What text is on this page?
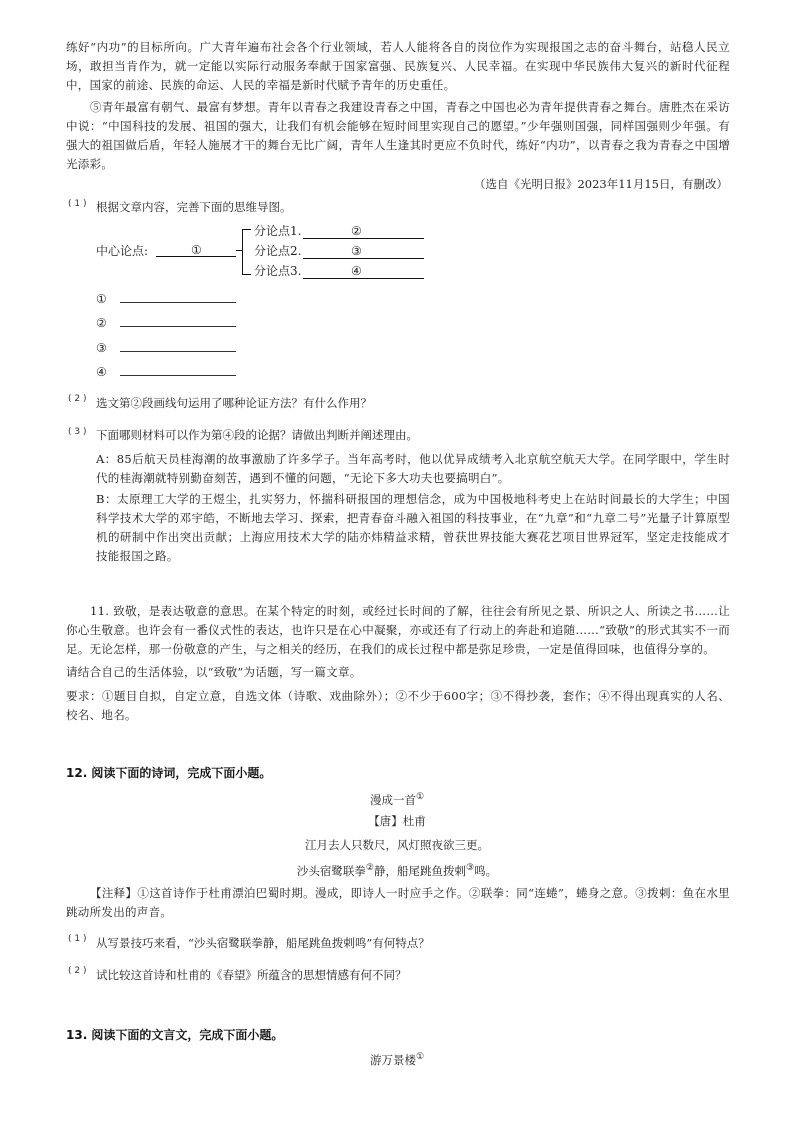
练好“内功”的目标所向。广大青年遍布社会各个行业领域，若人人能将各自的岗位作为实现报国之志的奋斗舞台，站稳人民立场，敢担当肯作为，就一定能以实际行动服务奉献于国家富强、民族复兴、人民幸福。在实现中华民族伟大复兴的新时代征程中，国家的前途、民族的命运、人民的幸福是新时代赋予青年的历史重任。
⑤青年最富有朝气、最富有梦想。青年以青春之我建设青春之中国，青春之中国也必为青年提供青春之舞台。唐胜杰在采访中说：“中国科技的发展、祖国的强大，让我们有机会能够在短时间里实现自己的愿望。”少年强则国强，同样国强则少年强。有强大的祖国做后盾，年轻人施展才干的舞台无比广阔，青年人生逢其时更应不负时代，练好“内功”，以青春之我为青春之中国增光添彩。
（选自《光明日报》2023年11月15日，有删改）
( 1 ) 根据文章内容，完善下面的思维导图。
中心论点:	①
分论点1.	②
分论点2.	③
分论点3.	④
①
②
③
④
( 2 ) 选文第②段画线句运用了哪种论证方法？有什么作用？
( 3 ) 下面哪则材料可以作为第④段的论据？请做出判断并阐述理由。
A：85后航天员桂海潮的故事激励了许多学子。当年高考时，他以优异成绩考入北京航空航天大学。在同学眼中，学生时代的桂海潮就特别勤奋刻苦，遇到不懂的问题，“无论下多大功夫也要搞明白”。
B：太原理工大学的王煜尘，扎实努力，怀揣科研报国的理想信念，成为中国极地科考史上在站时间最长的大学生；中国科学技术大学的邓宇皓，不断地去学习、探索，把青春奋斗融入祖国的科技事业，在“九章”和“九章二号”光量子计算原型机的研制中作出突出贡献；上海应用技术大学的陆亦炜精益求精，曾获世界技能大赛花艺项目世界冠军，坚定走技能成才技能报国之路。
11. 致敬，是表达敬意的意思。在某个特定的时刻，或经过长时间的了解，往往会有所见之景、所识之人、所读之书……让你心生敬意。也许会有一番仪式性的表达，也许只是在心中凝聚，亦或还有了行动上的奔赴和追随……“致敬”的形式其实不一而足。无论怎样，那一份敬意的产生，与之相关的经历，在我们的成长过程中都是弥足珍贵，一定是值得回味，也值得分享的。
请结合自己的生活体验，以“致敬”为话题，写一篇文章。
要求：①题目自拟，自定立意，自选文体（诗歌、戏曲除外）；②不少于600字；③不得抄袭，套作；④不得出现真实的人名、校名、地名。
12. 阅读下面的诗词，完成下面小题。
漫成一首①
【唐】杜甫
江月去人只数尺，风灯照夜欲三更。
沙头宿鹭联拳②静，船尾跳鱼拨剌③鸣。
【注释】①这首诗作于杜甫漂泊巴蜀时期。漫成，即诗人一时应手之作。②联拳：同“连蜷”，蜷身之意。③拨剌：鱼在水里跳动所发出的声音。
( 1 ) 从写景技巧来看，“沙头宿鹭联拳静，船尾跳鱼拨剌鸣”有何特点？
( 2 ) 试比较这首诗和杜甫的《春望》所蕴含的思想情感有何不同？
13. 阅读下面的文言文，完成下面小题。
游万景楼①
